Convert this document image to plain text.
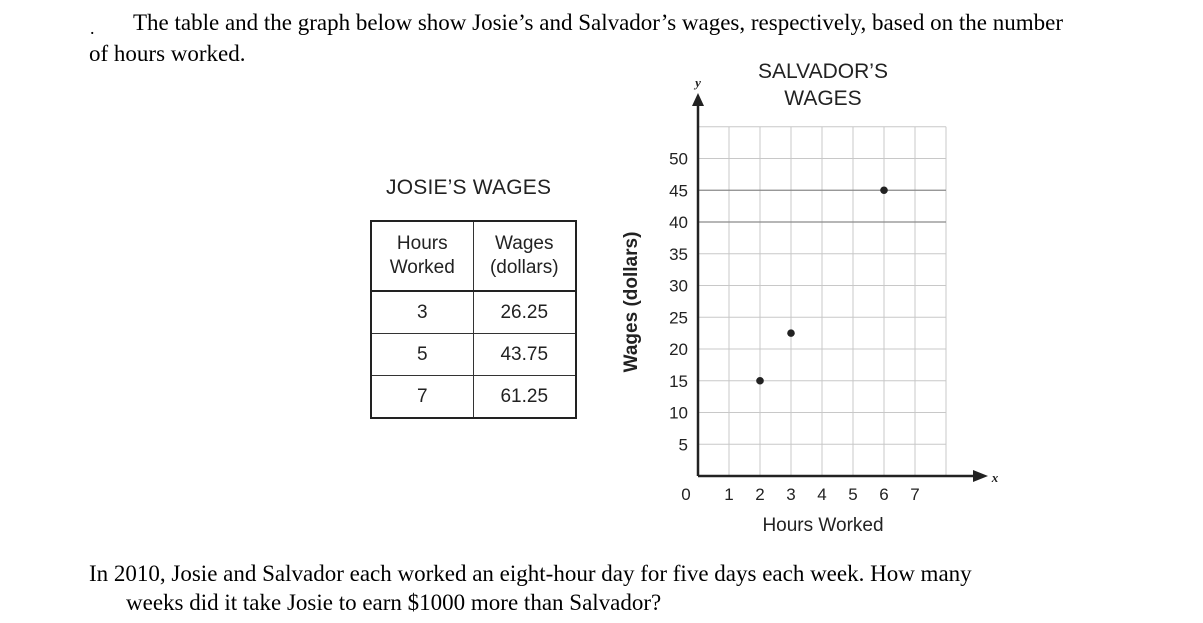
. The table and the graph below show Josie’s and Salvador’s wages, respectively, based on the number
of hours worked.
JOSIE’S WAGES
Hours
Worked	Wages
(dollars)
3	26.25
5	43.75
7	61.25
1 2 3 4 5 6 7
5
10
15
20
25
30
35
40
45
50
SALVADOR’S
WAGES
Wages (dollars)
Hours Worked
y
x
0
In 2010, Josie and Salvador each worked an eight-hour day for five days each week. How many
weeks did it take Josie to earn $1000 more than Salvador?
